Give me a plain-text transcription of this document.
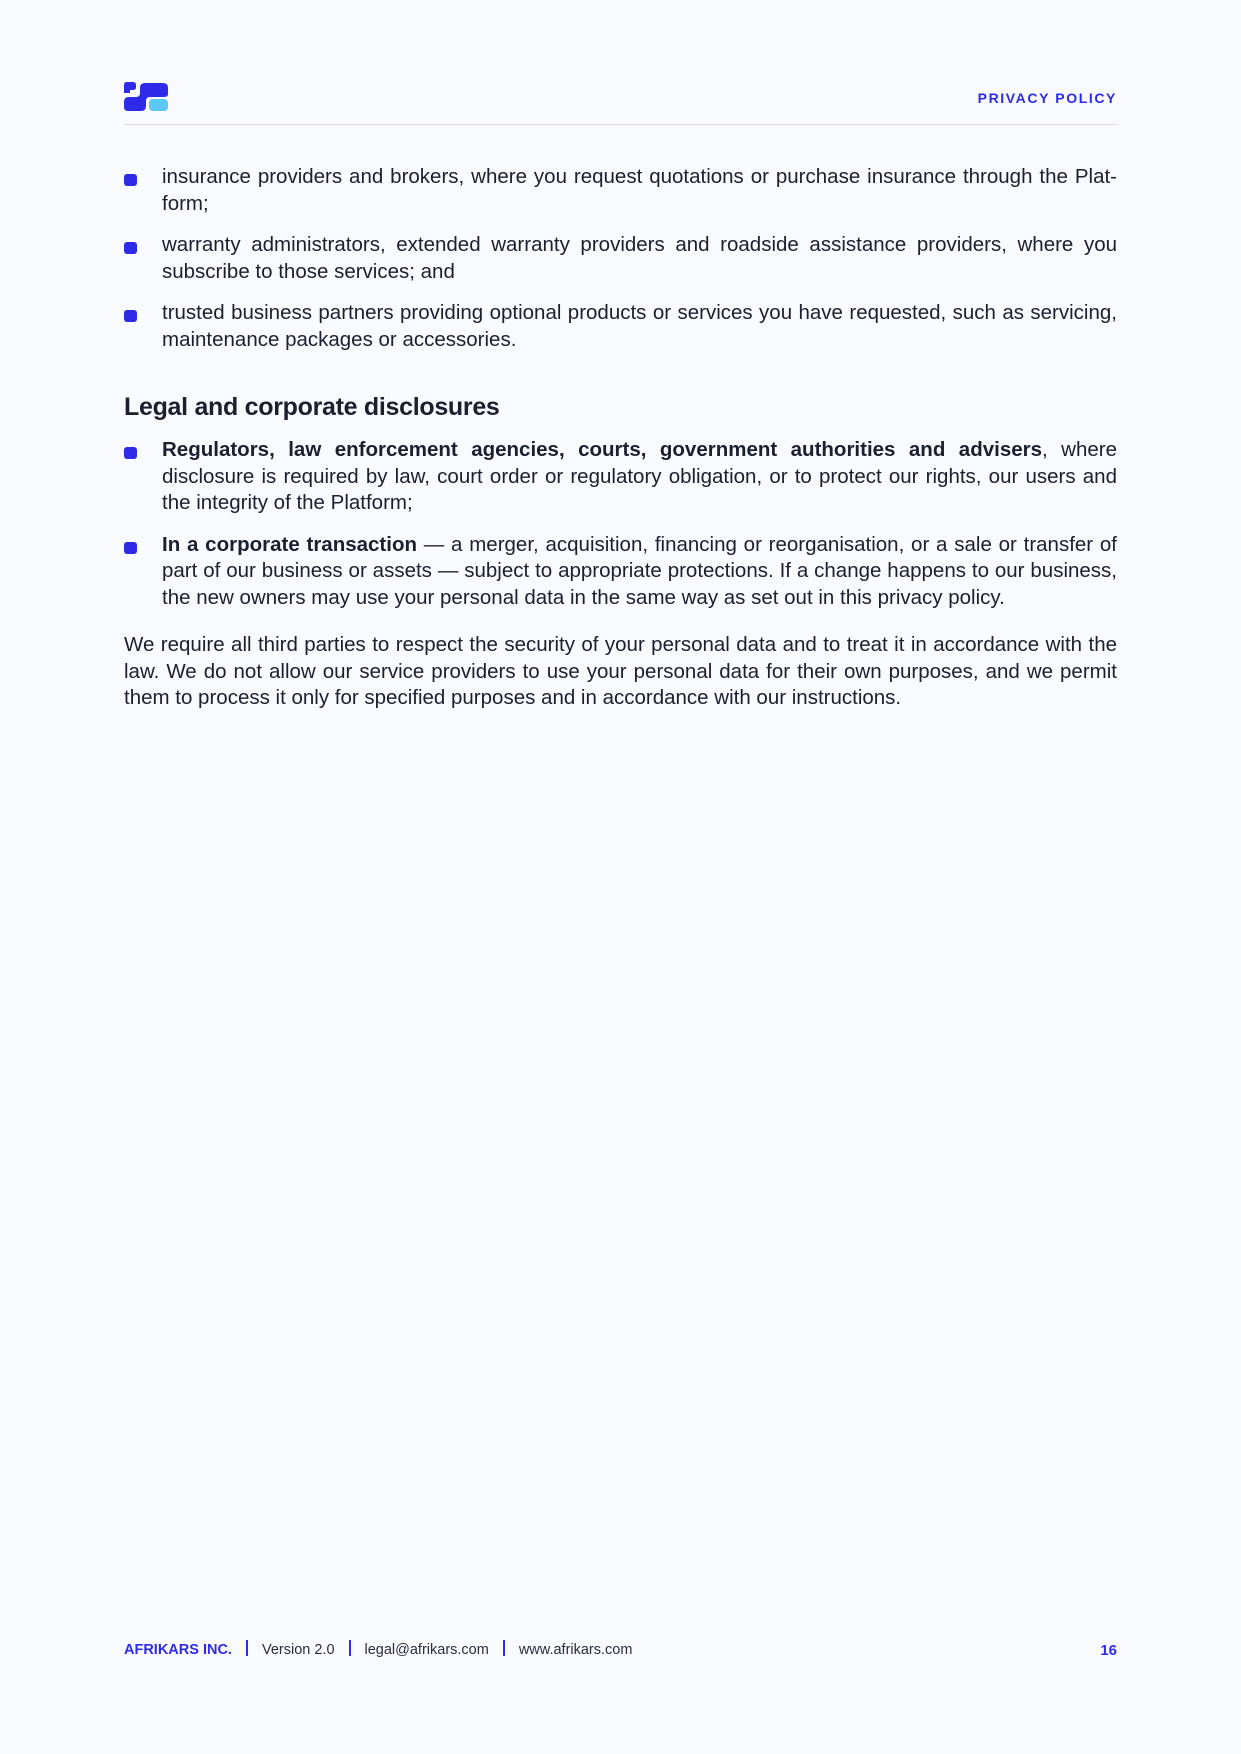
PRIVACY POLICY
insurance providers and brokers, where you request quotations or purchase insurance through the Plat-form;
warranty administrators, extended warranty providers and roadside assistance providers, where you subscribe to those services; and
trusted business partners providing optional products or services you have requested, such as servicing, maintenance packages or accessories.
Legal and corporate disclosures
Regulators, law enforcement agencies, courts, government authorities and advisers, where disclosure is required by law, court order or regulatory obligation, or to protect our rights, our users and the integrity of the Platform;
In a corporate transaction — a merger, acquisition, financing or reorganisation, or a sale or transfer of part of our business or assets — subject to appropriate protections. If a change happens to our business, the new owners may use your personal data in the same way as set out in this privacy policy.

We require all third parties to respect the security of your personal data and to treat it in accordance with the law. We do not allow our service providers to use your personal data for their own purposes, and we permit them to process it only for specified purposes and in accordance with our instructions.

AFRIKARS INC. Version 2.0 legal@afrikars.com www.afrikars.com	16
